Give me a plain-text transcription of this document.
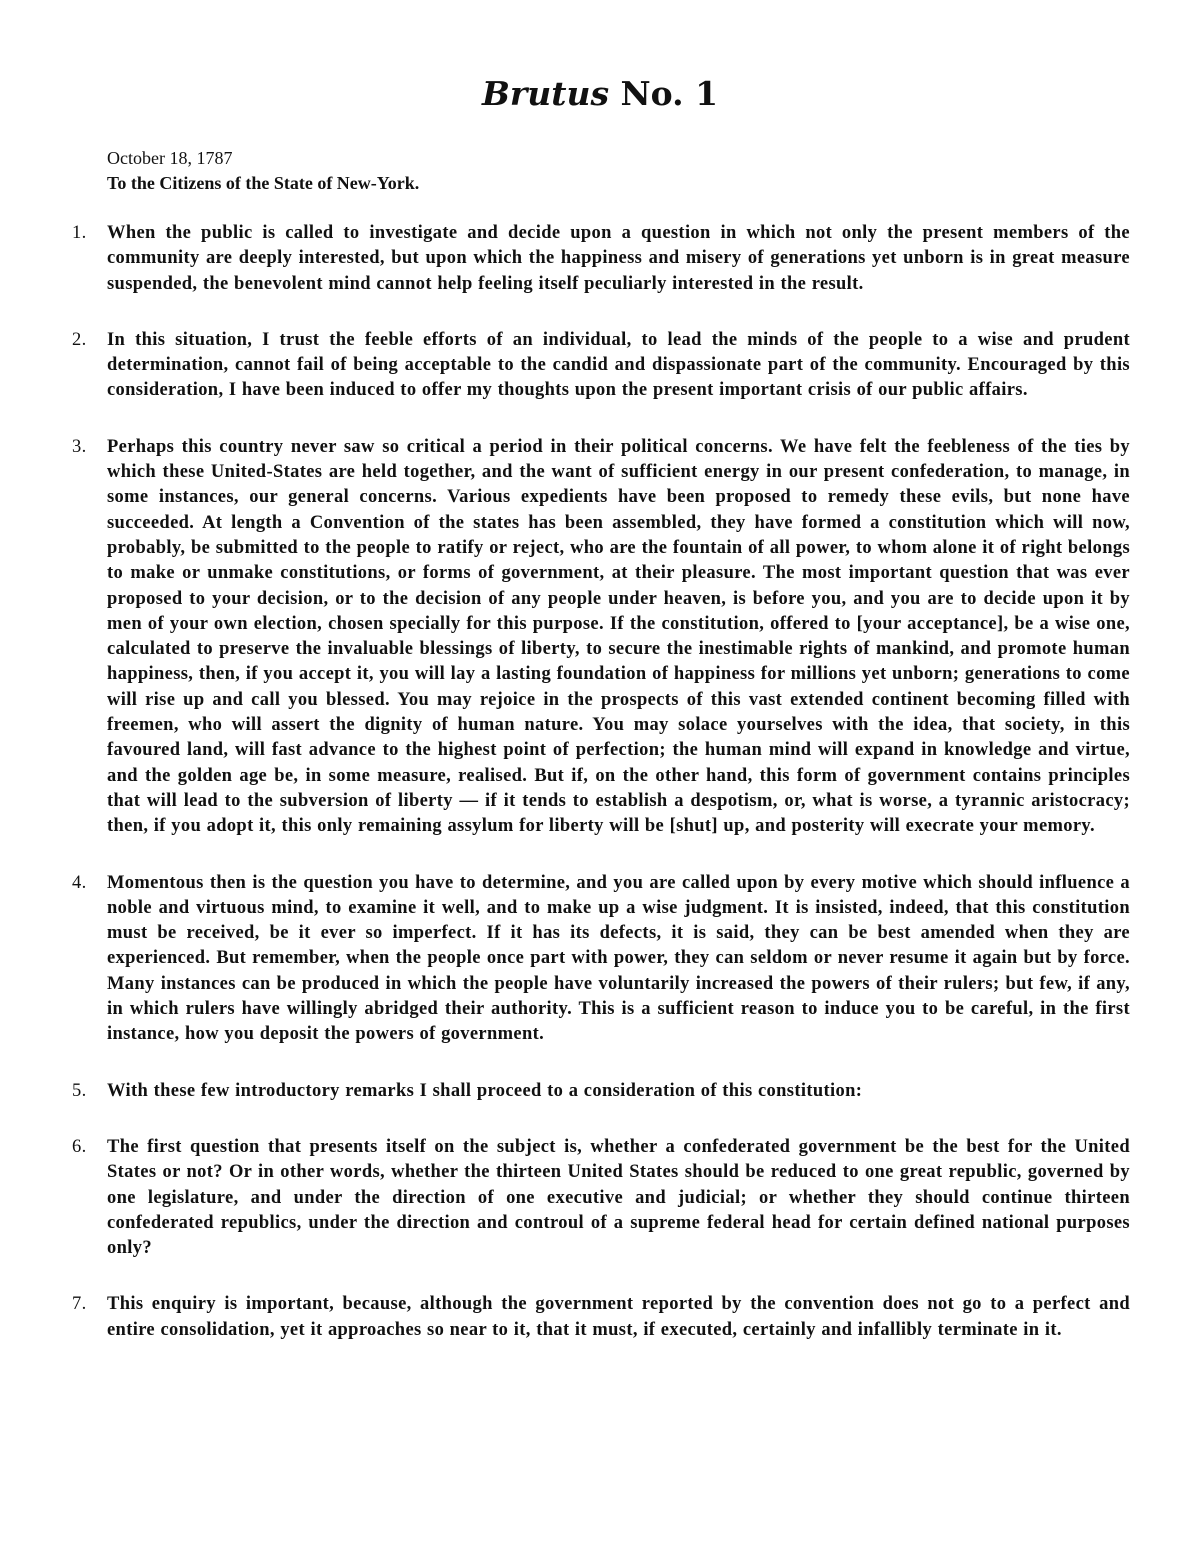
Brutus No. 1
October 18, 1787
To the Citizens of the State of New-York.
1.	When the public is called to investigate and decide upon a question in which not only the present members of the community are deeply interested, but upon which the happiness and misery of generations yet unborn is in great measure suspended, the benevolent mind cannot help feeling itself peculiarly interested in the result.
2.	In this situation, I trust the feeble efforts of an individual, to lead the minds of the people to a wise and prudent determination, cannot fail of being acceptable to the candid and dispassionate part of the community. Encouraged by this consideration, I have been induced to offer my thoughts upon the present important crisis of our public affairs.
3.	Perhaps this country never saw so critical a period in their political concerns. We have felt the feebleness of the ties by which these United-States are held together, and the want of sufficient energy in our present confederation, to manage, in some instances, our general concerns. Various expedients have been proposed to remedy these evils, but none have succeeded. At length a Convention of the states has been assembled, they have formed a constitution which will now, probably, be submitted to the people to ratify or reject, who are the fountain of all power, to whom alone it of right belongs to make or unmake constitutions, or forms of government, at their pleasure. The most important question that was ever proposed to your decision, or to the decision of any people under heaven, is before you, and you are to decide upon it by men of your own election, chosen specially for this purpose. If the constitution, offered to [your acceptance], be a wise one, calculated to preserve the invaluable blessings of liberty, to secure the inestimable rights of mankind, and promote human happiness, then, if you accept it, you will lay a lasting foundation of happiness for millions yet unborn; generations to come will rise up and call you blessed. You may rejoice in the prospects of this vast extended continent becoming filled with freemen, who will assert the dignity of human nature. You may solace yourselves with the idea, that society, in this favoured land, will fast advance to the highest point of perfection; the human mind will expand in knowledge and virtue, and the golden age be, in some measure, realised. But if, on the other hand, this form of government contains principles that will lead to the subversion of liberty — if it tends to establish a despotism, or, what is worse, a tyrannic aristocracy; then, if you adopt it, this only remaining assylum for liberty will be [shut] up, and posterity will execrate your memory.
4.	Momentous then is the question you have to determine, and you are called upon by every motive which should influence a noble and virtuous mind, to examine it well, and to make up a wise judgment. It is insisted, indeed, that this constitution must be received, be it ever so imperfect. If it has its defects, it is said, they can be best amended when they are experienced. But remember, when the people once part with power, they can seldom or never resume it again but by force. Many instances can be produced in which the people have voluntarily increased the powers of their rulers; but few, if any, in which rulers have willingly abridged their authority. This is a sufficient reason to induce you to be careful, in the first instance, how you deposit the powers of government.
5.	With these few introductory remarks I shall proceed to a consideration of this constitution:
6.	The first question that presents itself on the subject is, whether a confederated government be the best for the United States or not? Or in other words, whether the thirteen United States should be reduced to one great republic, governed by one legislature, and under the direction of one executive and judicial; or whether they should continue thirteen confederated republics, under the direction and controul of a supreme federal head for certain defined national purposes only?
7.	This enquiry is important, because, although the government reported by the convention does not go to a perfect and entire consolidation, yet it approaches so near to it, that it must, if executed, certainly and infallibly terminate in it.
